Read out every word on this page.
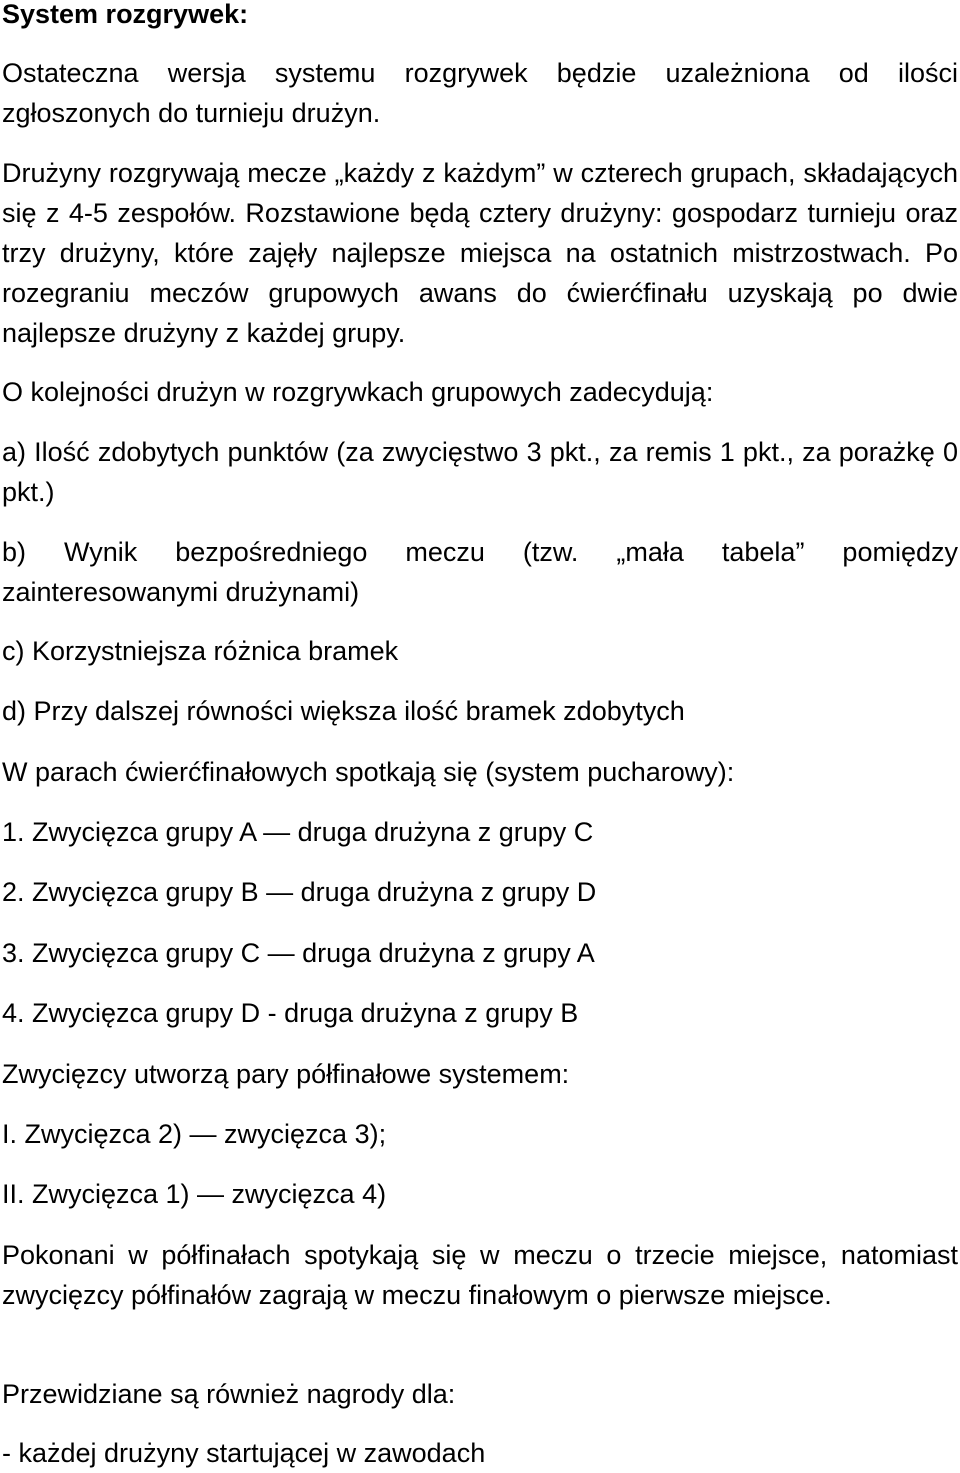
System rozgrywek:

Ostateczna wersja systemu rozgrywek będzie uzależniona od ilości zgłoszonych do turnieju drużyn.

Drużyny rozgrywają mecze „każdy z każdym” w czterech grupach, składających się z 4-5 zespołów. Rozstawione będą cztery drużyny: gospodarz turnieju oraz trzy drużyny, które zajęły najlepsze miejsca na ostatnich mistrzostwach. Po rozegraniu meczów grupowych awans do ćwierćfinału uzyskają po dwie najlepsze drużyny z każdej grupy.

O kolejności drużyn w rozgrywkach grupowych zadecydują:

a) Ilość zdobytych punktów (za zwycięstwo 3 pkt., za remis 1 pkt., za porażkę 0 pkt.)

b) Wynik bezpośredniego meczu (tzw. „mała tabela” pomiędzy zainteresowanymi drużynami)

c) Korzystniejsza różnica bramek

d) Przy dalszej równości większa ilość bramek zdobytych

W parach ćwierćfinałowych spotkają się (system pucharowy):

1. Zwycięzca grupy A — druga drużyna z grupy C

2. Zwycięzca grupy B — druga drużyna z grupy D

3. Zwycięzca grupy C — druga drużyna z grupy A

4. Zwycięzca grupy D - druga drużyna z grupy B

Zwycięzcy utworzą pary półfinałowe systemem:

I. Zwycięzca 2) — zwycięzca 3);

II. Zwycięzca 1) — zwycięzca 4)

Pokonani w półfinałach spotykają się w meczu o trzecie miejsce, natomiast zwycięzcy półfinałów zagrają w meczu finałowym o pierwsze miejsce.

Przewidziane są również nagrody dla:

- każdej drużyny startującej w zawodach
